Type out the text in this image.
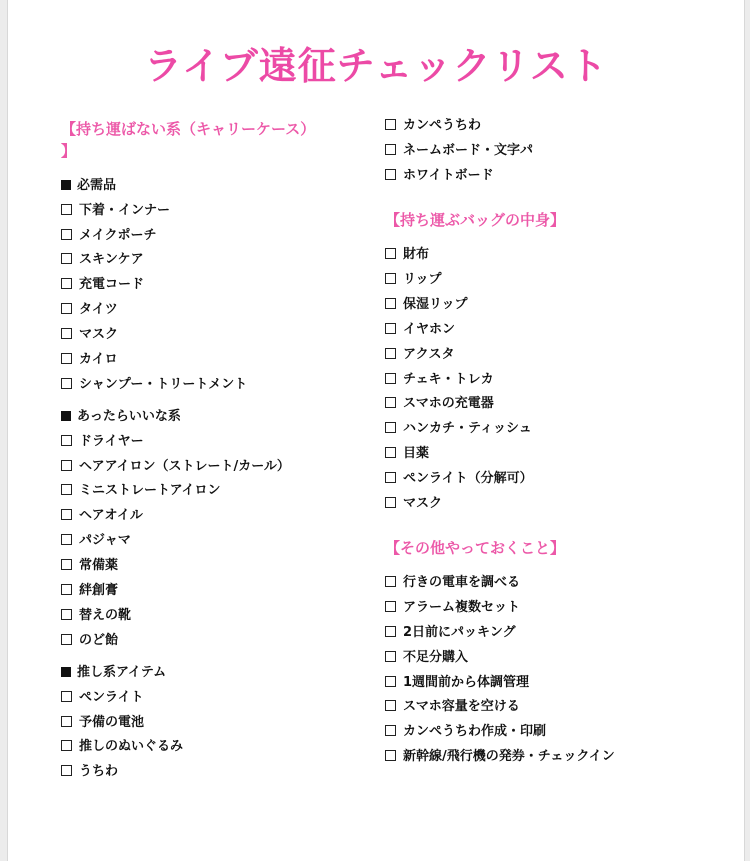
ライブ遠征チェックリスト
【持ち運ばない系（キャリーケース）
】
必需品
下着・インナー
メイクポーチ
スキンケア
充電コード
タイツ
マスク
カイロ
シャンプー・トリートメント
あったらいいな系
ドライヤー
ヘアアイロン（ストレート/カール）
ミニストレートアイロン
ヘアオイル
パジャマ
常備薬
絆創膏
替えの靴
のど飴
推し系アイテム
ペンライト
予備の電池
推しのぬいぐるみ
うちわ
カンペうちわ
ネームボード・文字パ
ホワイトボード
【持ち運ぶバッグの中身】
財布
リップ
保湿リップ
イヤホン
アクスタ
チェキ・トレカ
スマホの充電器
ハンカチ・ティッシュ
目薬
ペンライト（分解可）
マスク
【その他やっておくこと】
行きの電車を調べる
アラーム複数セット
2日前にパッキング
不足分購入
1週間前から体調管理
スマホ容量を空ける
カンペうちわ作成・印刷
新幹線/飛行機の発券・チェックイン
